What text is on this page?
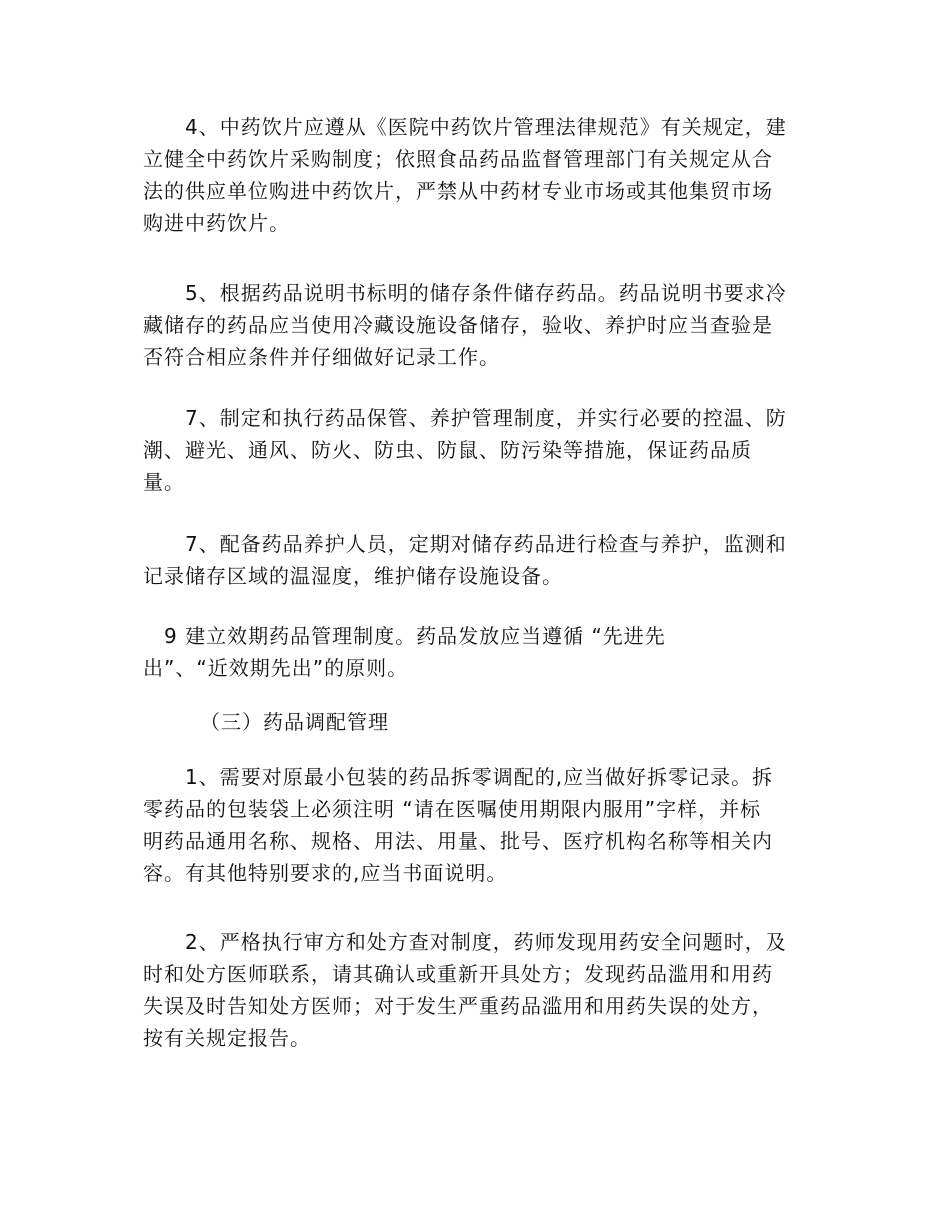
4、中药饮片应遵从《医院中药饮片管理法律规范》有关规定，建
立健全中药饮片采购制度；依照食品药品监督管理部门有关规定从合
法的供应单位购进中药饮片，严禁从中药材专业市场或其他集贸市场
购进中药饮片。
5、根据药品说明书标明的储存条件储存药品。药品说明书要求冷
藏储存的药品应当使用冷藏设施设备储存，验收、养护时应当查验是
否符合相应条件并仔细做好记录工作。
7、制定和执行药品保管、养护管理制度，并实行必要的控温、防
潮、避光、通风、防火、防虫、防鼠、防污染等措施，保证药品质
量。
7、配备药品养护人员，定期对储存药品进行检查与养护，监测和
记录储存区域的温湿度，维护储存设施设备。
9 建立效期药品管理制度。药品发放应当遵循 “先进先
出”、“近效期先出”的原则。
（三）药品调配管理
1、需要对原最小包装的药品拆零调配的,应当做好拆零记录。拆
零药品的包装袋上必须注明 “请在医嘱使用期限内服用”字样，并标
明药品通用名称、规格、用法、用量、批号、医疗机构名称等相关内
容。有其他特别要求的,应当书面说明。
2、严格执行审方和处方查对制度，药师发现用药安全问题时，及
时和处方医师联系，请其确认或重新开具处方；发现药品滥用和用药
失误及时告知处方医师；对于发生严重药品滥用和用药失误的处方，
按有关规定报告。
